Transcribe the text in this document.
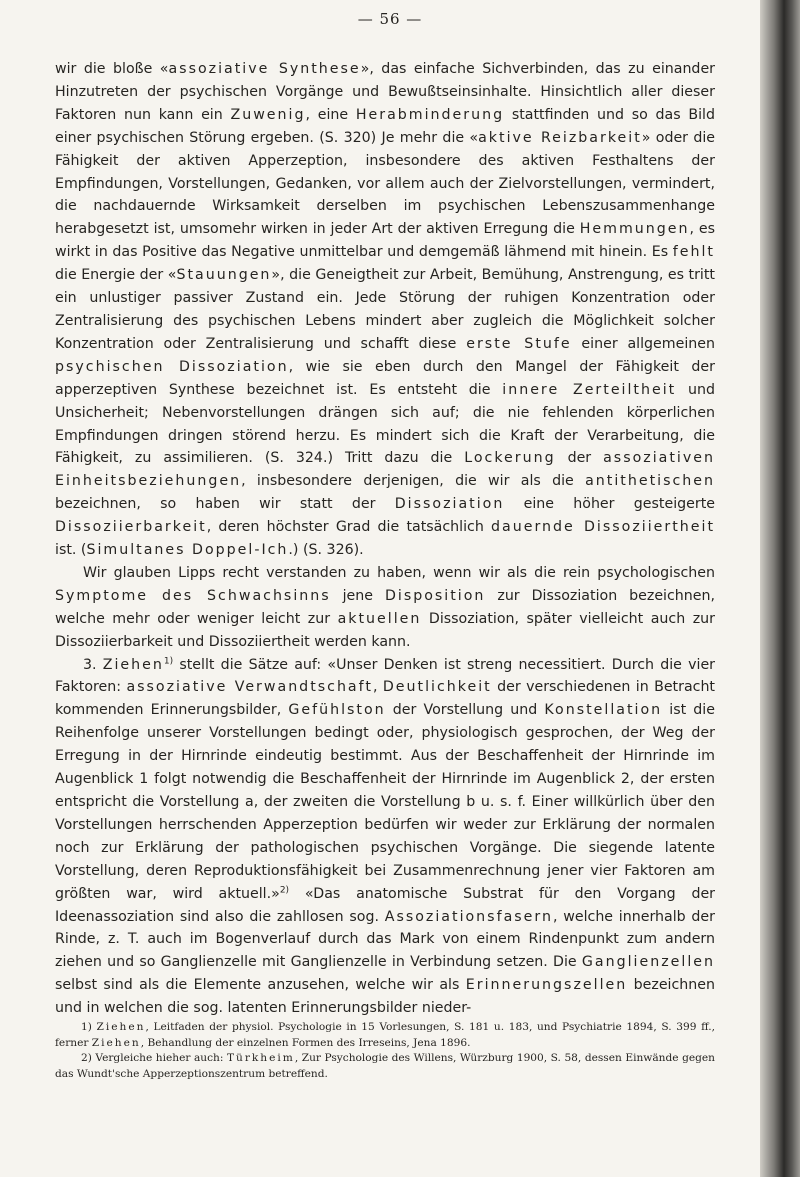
— 56 —

wir die bloße «assoziative Synthese», das einfache Sichverbinden, das zu einander Hinzutreten der psychischen Vorgänge und Bewußtseinsinhalte. Hinsichtlich aller dieser Faktoren nun kann ein Zuwenig, eine Herabminderung stattfinden und so das Bild einer psychischen Störung ergeben. (S. 320) Je mehr die «aktive Reizbarkeit» oder die Fähigkeit der aktiven Apperzeption, insbesondere des aktiven Festhaltens der Empfindungen, Vorstellungen, Gedanken, vor allem auch der Zielvorstellungen, vermindert, die nachdauernde Wirksamkeit derselben im psychischen Lebenszusammenhange herabgesetzt ist, umsomehr wirken in jeder Art der aktiven Erregung die Hemmungen, es wirkt in das Positive das Negative unmittelbar und demgemäß lähmend mit hinein. Es fehlt die Energie der «Stauungen», die Geneigtheit zur Arbeit, Bemühung, Anstrengung, es tritt ein unlustiger passiver Zustand ein. Jede Störung der ruhigen Konzentration oder Zentralisierung des psychischen Lebens mindert aber zugleich die Möglichkeit solcher Konzentration oder Zentralisierung und schafft diese erste Stufe einer allgemeinen psychischen Dissoziation, wie sie eben durch den Mangel der Fähigkeit der apperzeptiven Synthese bezeichnet ist. Es entsteht die innere Zerteiltheit und Unsicherheit; Nebenvorstellungen drängen sich auf; die nie fehlenden körperlichen Empfindungen dringen störend herzu. Es mindert sich die Kraft der Verarbeitung, die Fähigkeit, zu assimilieren. (S. 324.) Tritt dazu die Lockerung der assoziativen Einheitsbeziehungen, insbesondere derjenigen, die wir als die antithetischen bezeichnen, so haben wir statt der Dissoziation eine höher gesteigerte Dissoziierbarkeit, deren höchster Grad die tatsächlich dauernde Dissoziiertheit ist. (Simultanes Doppel-Ich.) (S. 326).

Wir glauben Lipps recht verstanden zu haben, wenn wir als die rein psychologischen Symptome des Schwachsinns jene Disposition zur Dissoziation bezeichnen, welche mehr oder weniger leicht zur aktuellen Dissoziation, später vielleicht auch zur Dissoziierbarkeit und Dissoziiertheit werden kann.

3. Ziehen$^{1)}$ stellt die Sätze auf: «Unser Denken ist streng necessitiert. Durch die vier Faktoren: assoziative Verwandtschaft, Deutlichkeit der verschiedenen in Betracht kommenden Erinnerungsbilder, Gefühlston der Vorstellung und Konstellation ist die Reihenfolge unserer Vorstellungen bedingt oder, physiologisch gesprochen, der Weg der Erregung in der Hirnrinde eindeutig bestimmt. Aus der Beschaffenheit der Hirnrinde im Augenblick 1 folgt notwendig die Beschaffenheit der Hirnrinde im Augenblick 2, der ersten entspricht die Vorstellung a, der zweiten die Vorstellung b u. s. f. Einer willkürlich über den Vorstellungen herrschenden Apperzeption bedürfen wir weder zur Erklärung der normalen noch zur Erklärung der pathologischen psychischen Vorgänge. Die siegende latente Vorstellung, deren Reproduktionsfähigkeit bei Zusammenrechnung jener vier Faktoren am größten war, wird aktuell.»$^{2)}$ «Das anatomische Substrat für den Vorgang der Ideenassoziation sind also die zahllosen sog. Assoziationsfasern, welche innerhalb der Rinde, z. T. auch im Bogenverlauf durch das Mark von einem Rindenpunkt zum andern ziehen und so Ganglienzelle mit Ganglienzelle in Verbindung setzen. Die Ganglienzellen selbst sind als die Elemente anzusehen, welche wir als Erinnerungszellen bezeichnen und in welchen die sog. latenten Erinnerungsbilder nieder-

1) Ziehen, Leitfaden der physiol. Psychologie in 15 Vorlesungen, S. 181 u. 183, und Psychiatrie 1894, S. 399 ff., ferner Ziehen, Behandlung der einzelnen Formen des Irreseins, Jena 1896.

2) Vergleiche hieher auch: Türkheim, Zur Psychologie des Willens, Würzburg 1900, S. 58, dessen Einwände gegen das Wundt'sche Apperzeptionszentrum betreffend.
